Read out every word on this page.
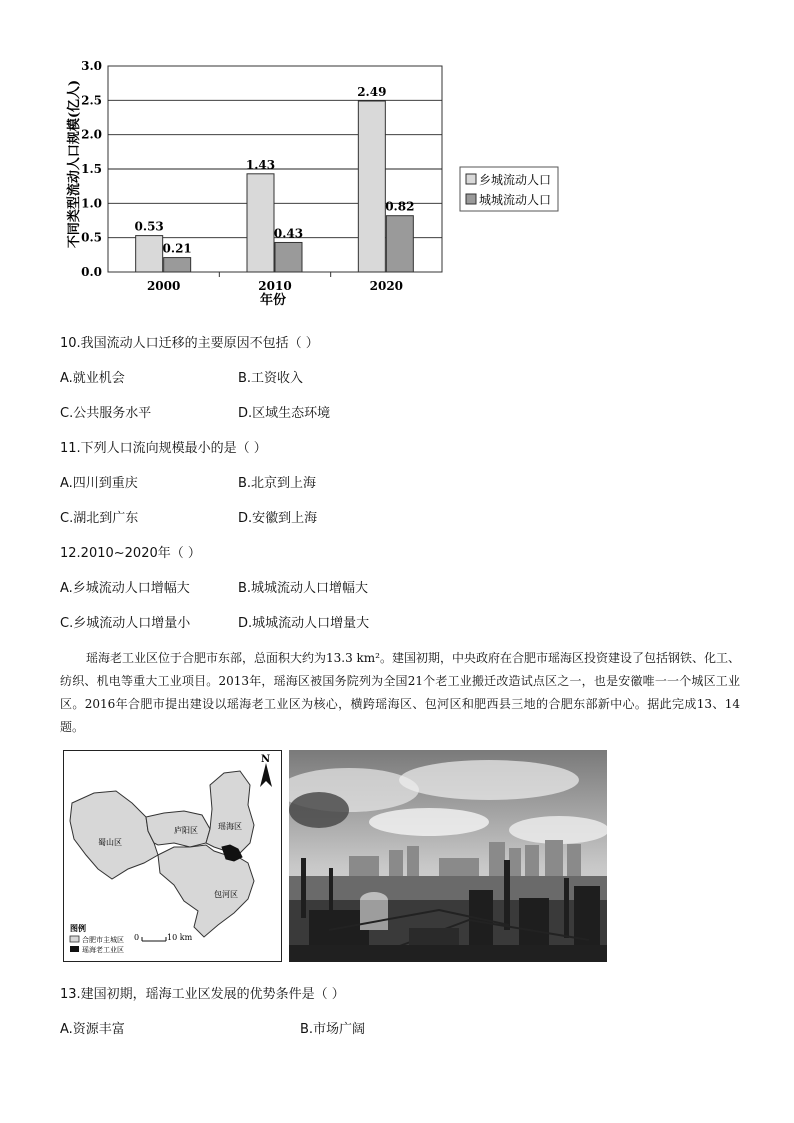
0.53
0.21
1.43
0.43
2.49
0.82
0.0
0.5
1.0
1.5
2.0
2.5
3.0
2000	2010	2020
不同类型流动人口规模(亿人)
年份
乡城流动人口
城城流动人口
10.我国流动人口迁移的主要原因不包括（ ）
A.就业机会	B.工资收入
C.公共服务水平	D.区域生态环境
11.下列人口流向规模最小的是（ ）
A.四川到重庆	B.北京到上海
C.湖北到广东	D.安徽到上海
12.2010~2020年（ ）
A.乡城流动人口增幅大	B.城城流动人口增幅大
C.乡城流动人口增量小	D.城城流动人口增量大

瑶海老工业区位于合肥市东部，总面积大约为13.3 km²。建国初期，中央政府在合肥市瑶海区投资建设了包括钢铁、化工、纺织、机电等重大工业项目。2013年，瑶海区被国务院列为全国21个老工业搬迁改造试点区之一，也是安徽唯一一个城区工业区。2016年合肥市提出建设以瑶海老工业区为核心，横跨瑶海区、包河区和肥西县三地的合肥东部新中心。据此完成13、14题。

蜀山区
庐阳区	瑶海区
包河区
N
图例
合肥市主城区
瑶海老工业区
0	10 km
13.建国初期，瑶海工业区发展的优势条件是（ ）
A.资源丰富	B.市场广阔
